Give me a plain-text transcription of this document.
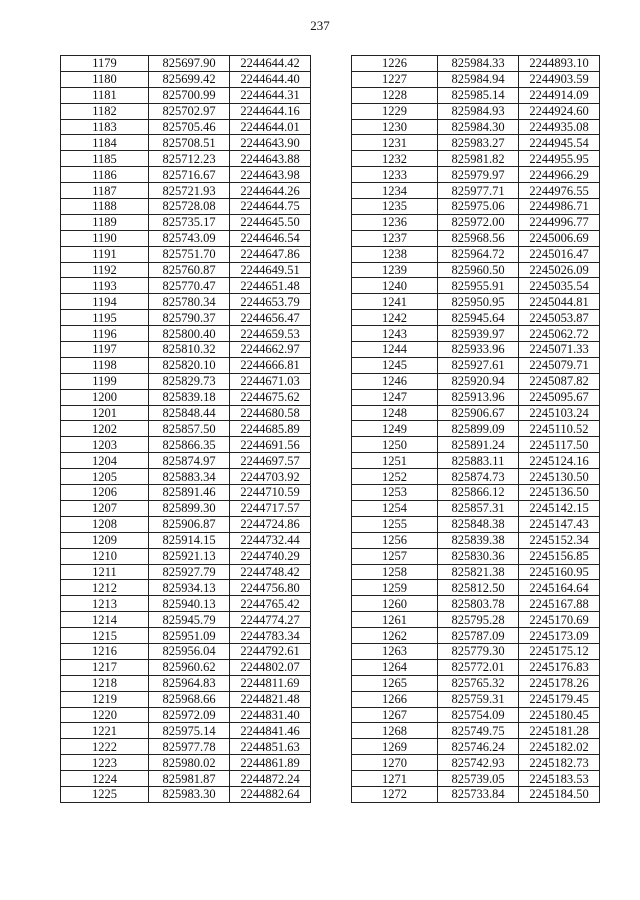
237
1179	825697.90	2244644.42
1180	825699.42	2244644.40
1181	825700.99	2244644.31
1182	825702.97	2244644.16
1183	825705.46	2244644.01
1184	825708.51	2244643.90
1185	825712.23	2244643.88
1186	825716.67	2244643.98
1187	825721.93	2244644.26
1188	825728.08	2244644.75
1189	825735.17	2244645.50
1190	825743.09	2244646.54
1191	825751.70	2244647.86
1192	825760.87	2244649.51
1193	825770.47	2244651.48
1194	825780.34	2244653.79
1195	825790.37	2244656.47
1196	825800.40	2244659.53
1197	825810.32	2244662.97
1198	825820.10	2244666.81
1199	825829.73	2244671.03
1200	825839.18	2244675.62
1201	825848.44	2244680.58
1202	825857.50	2244685.89
1203	825866.35	2244691.56
1204	825874.97	2244697.57
1205	825883.34	2244703.92
1206	825891.46	2244710.59
1207	825899.30	2244717.57
1208	825906.87	2244724.86
1209	825914.15	2244732.44
1210	825921.13	2244740.29
1211	825927.79	2244748.42
1212	825934.13	2244756.80
1213	825940.13	2244765.42
1214	825945.79	2244774.27
1215	825951.09	2244783.34
1216	825956.04	2244792.61
1217	825960.62	2244802.07
1218	825964.83	2244811.69
1219	825968.66	2244821.48
1220	825972.09	2244831.40
1221	825975.14	2244841.46
1222	825977.78	2244851.63
1223	825980.02	2244861.89
1224	825981.87	2244872.24
1225	825983.30	2244882.64
1226	825984.33	2244893.10
1227	825984.94	2244903.59
1228	825985.14	2244914.09
1229	825984.93	2244924.60
1230	825984.30	2244935.08
1231	825983.27	2244945.54
1232	825981.82	2244955.95
1233	825979.97	2244966.29
1234	825977.71	2244976.55
1235	825975.06	2244986.71
1236	825972.00	2244996.77
1237	825968.56	2245006.69
1238	825964.72	2245016.47
1239	825960.50	2245026.09
1240	825955.91	2245035.54
1241	825950.95	2245044.81
1242	825945.64	2245053.87
1243	825939.97	2245062.72
1244	825933.96	2245071.33
1245	825927.61	2245079.71
1246	825920.94	2245087.82
1247	825913.96	2245095.67
1248	825906.67	2245103.24
1249	825899.09	2245110.52
1250	825891.24	2245117.50
1251	825883.11	2245124.16
1252	825874.73	2245130.50
1253	825866.12	2245136.50
1254	825857.31	2245142.15
1255	825848.38	2245147.43
1256	825839.38	2245152.34
1257	825830.36	2245156.85
1258	825821.38	2245160.95
1259	825812.50	2245164.64
1260	825803.78	2245167.88
1261	825795.28	2245170.69
1262	825787.09	2245173.09
1263	825779.30	2245175.12
1264	825772.01	2245176.83
1265	825765.32	2245178.26
1266	825759.31	2245179.45
1267	825754.09	2245180.45
1268	825749.75	2245181.28
1269	825746.24	2245182.02
1270	825742.93	2245182.73
1271	825739.05	2245183.53
1272	825733.84	2245184.50
